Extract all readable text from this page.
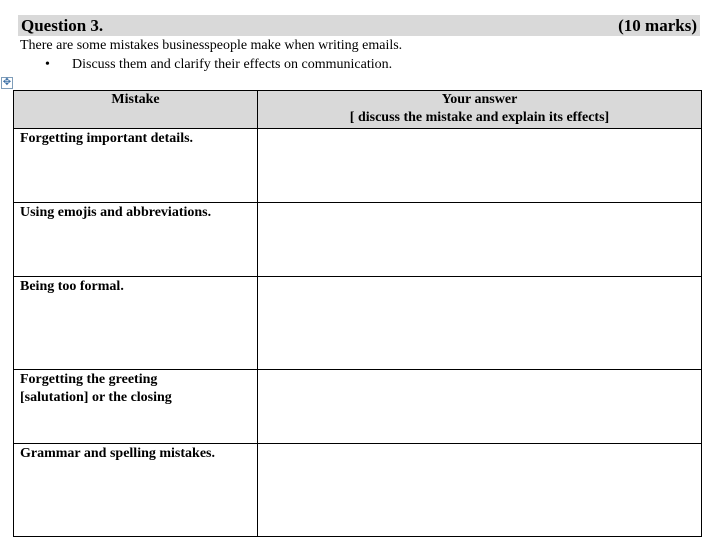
Question 3.	(10 marks)
There are some mistakes businesspeople make when writing emails.
• Discuss them and clarify their effects on communication.
✥
Mistake	Your answer
[ discuss the mistake and explain its effects]

Forgetting important details.	

Using emojis and abbreviations.	

Being too formal.	

Forgetting the greeting
[salutation] or the closing	

Grammar and spelling mistakes.	
